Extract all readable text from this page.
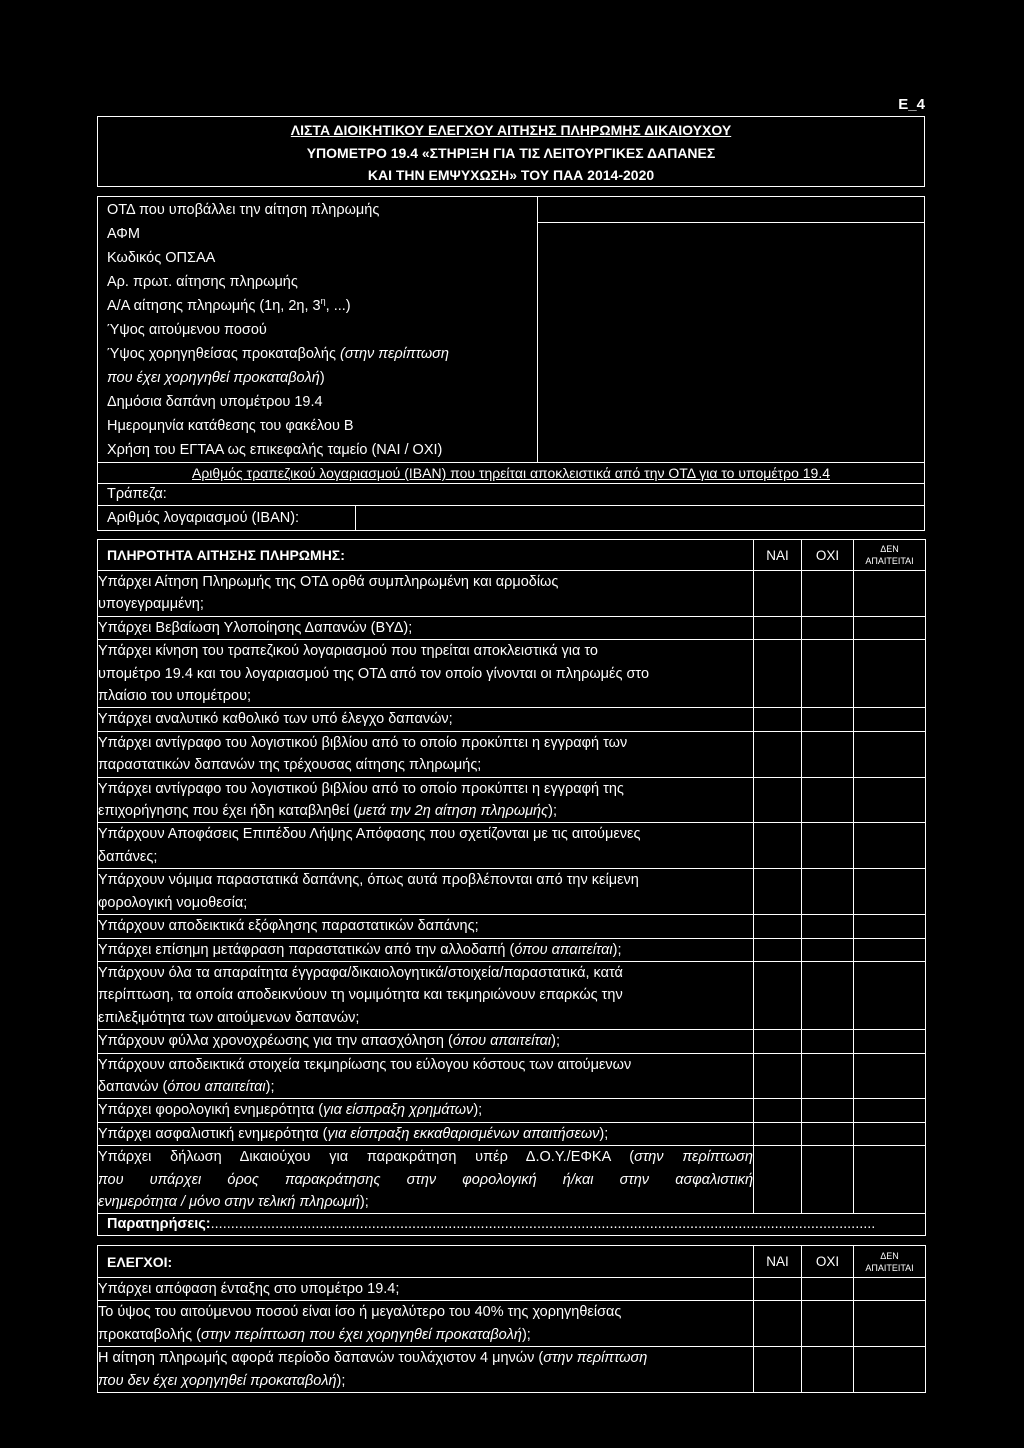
E_4
ΛΙΣΤΑ ΔΙΟΙΚΗΤΙΚΟΥ ΕΛΕΓΧΟΥ ΑΙΤΗΣΗΣ ΠΛΗΡΩΜΗΣ ΔΙΚΑΙΟΥΧΟΥ
ΥΠΟΜΕΤΡΟ 19.4 «ΣΤΗΡΙΞΗ ΓΙΑ ΤΙΣ ΛΕΙΤΟΥΡΓΙΚΕΣ ΔΑΠΑΝΕΣ
ΚΑΙ ΤΗΝ ΕΜΨΥΧΩΣΗ» ΤΟΥ ΠΑΑ 2014-2020
ΟΤΔ που υποβάλλει την αίτηση πληρωμής
ΑΦΜ
Κωδικός ΟΠΣΑΑ
Αρ. πρωτ. αίτησης πληρωμής
Α/Α αίτησης πληρωμής (1η, 2η, $3^\eta$, ...)
Ύψος αιτούμενου ποσού
Ύψος χορηγηθείσας προκαταβολής (στην περίπτωση
που έχει χορηγηθεί προκαταβολή)
Δημόσια δαπάνη υπομέτρου 19.4
Ημερομηνία κατάθεσης του φακέλου Β
Χρήση του ΕΓΤΑΑ ως επικεφαλής ταμείο (ΝΑΙ / ΟΧΙ)
Αριθμός τραπεζικού λογαριασμού (IBAN) που τηρείται αποκλειστικά από την ΟΤΔ για το υπομέτρο 19.4
Τράπεζα:
Αριθμός λογαριασμού (IBAN):
ΠΛΗΡΟΤΗΤΑ ΑΙΤΗΣΗΣ ΠΛΗΡΩΜΗΣ:	ΝΑΙ	ΟΧΙ	ΔΕΝ
ΑΠΑΙΤΕΙΤΑΙ

Υπάρχει Αίτηση Πληρωμής της ΟΤΔ ορθά συμπληρωμένη και αρμοδίως
υπογεγραμμένη;			

Υπάρχει Βεβαίωση Υλοποίησης Δαπανών (ΒΥΔ);			

Υπάρχει κίνηση του τραπεζικού λογαριασμού που τηρείται αποκλειστικά για το
υπομέτρο 19.4 και του λογαριασμού της ΟΤΔ από τον οποίο γίνονται οι πληρωμές στο
πλαίσιο του υπομέτρου;			

Υπάρχει αναλυτικό καθολικό των υπό έλεγχο δαπανών;			

Υπάρχει αντίγραφο του λογιστικού βιβλίου από το οποίο προκύπτει η εγγραφή των
παραστατικών δαπανών της τρέχουσας αίτησης πληρωμής;			

Υπάρχει αντίγραφο του λογιστικού βιβλίου από το οποίο προκύπτει η εγγραφή της
επιχορήγησης που έχει ήδη καταβληθεί (μετά την 2η αίτηση πληρωμής);			

Υπάρχουν Αποφάσεις Επιπέδου Λήψης Απόφασης που σχετίζονται με τις αιτούμενες
δαπάνες;			

Υπάρχουν νόμιμα παραστατικά δαπάνης, όπως αυτά προβλέπονται από την κείμενη
φορολογική νομοθεσία;			

Υπάρχουν αποδεικτικά εξόφλησης παραστατικών δαπάνης;			

Υπάρχει επίσημη μετάφραση παραστατικών από την αλλοδαπή (όπου απαιτείται);			

Υπάρχουν όλα τα απαραίτητα έγγραφα/δικαιολογητικά/στοιχεία/παραστατικά, κατά
περίπτωση, τα οποία αποδεικνύουν τη νομιμότητα και τεκμηριώνουν επαρκώς την
επιλεξιμότητα των αιτούμενων δαπανών;			

Υπάρχουν φύλλα χρονοχρέωσης για την απασχόληση (όπου απαιτείται);			

Υπάρχουν αποδεικτικά στοιχεία τεκμηρίωσης του εύλογου κόστους των αιτούμενων
δαπανών (όπου απαιτείται);			

Υπάρχει φορολογική ενημερότητα (για είσπραξη χρημάτων);			

Υπάρχει ασφαλιστική ενημερότητα (για είσπραξη εκκαθαρισμένων απαιτήσεων);			

Υπάρχει δήλωση Δικαιούχου για παρακράτηση υπέρ Δ.Ο.Υ./ΕΦΚΑ (στην περίπτωση
που υπάρχει όρος παρακράτησης στην φορολογική ή/και στην ασφαλιστική
ενημερότητα / μόνο στην τελική πληρωμή);			

Παρατηρήσεις:.....................................................................................................................................................................			
ΕΛΕΓΧΟΙ:	ΝΑΙ	ΟΧΙ	ΔΕΝ
ΑΠΑΙΤΕΙΤΑΙ

Υπάρχει απόφαση ένταξης στο υπομέτρο 19.4;			

Το ύψος του αιτούμενου ποσού είναι ίσο ή μεγαλύτερο του 40% της χορηγηθείσας
προκαταβολής (στην περίπτωση που έχει χορηγηθεί προκαταβολή);			

Η αίτηση πληρωμής αφορά περίοδο δαπανών τουλάχιστον 4 μηνών (στην περίπτωση
που δεν έχει χορηγηθεί προκαταβολή);			
